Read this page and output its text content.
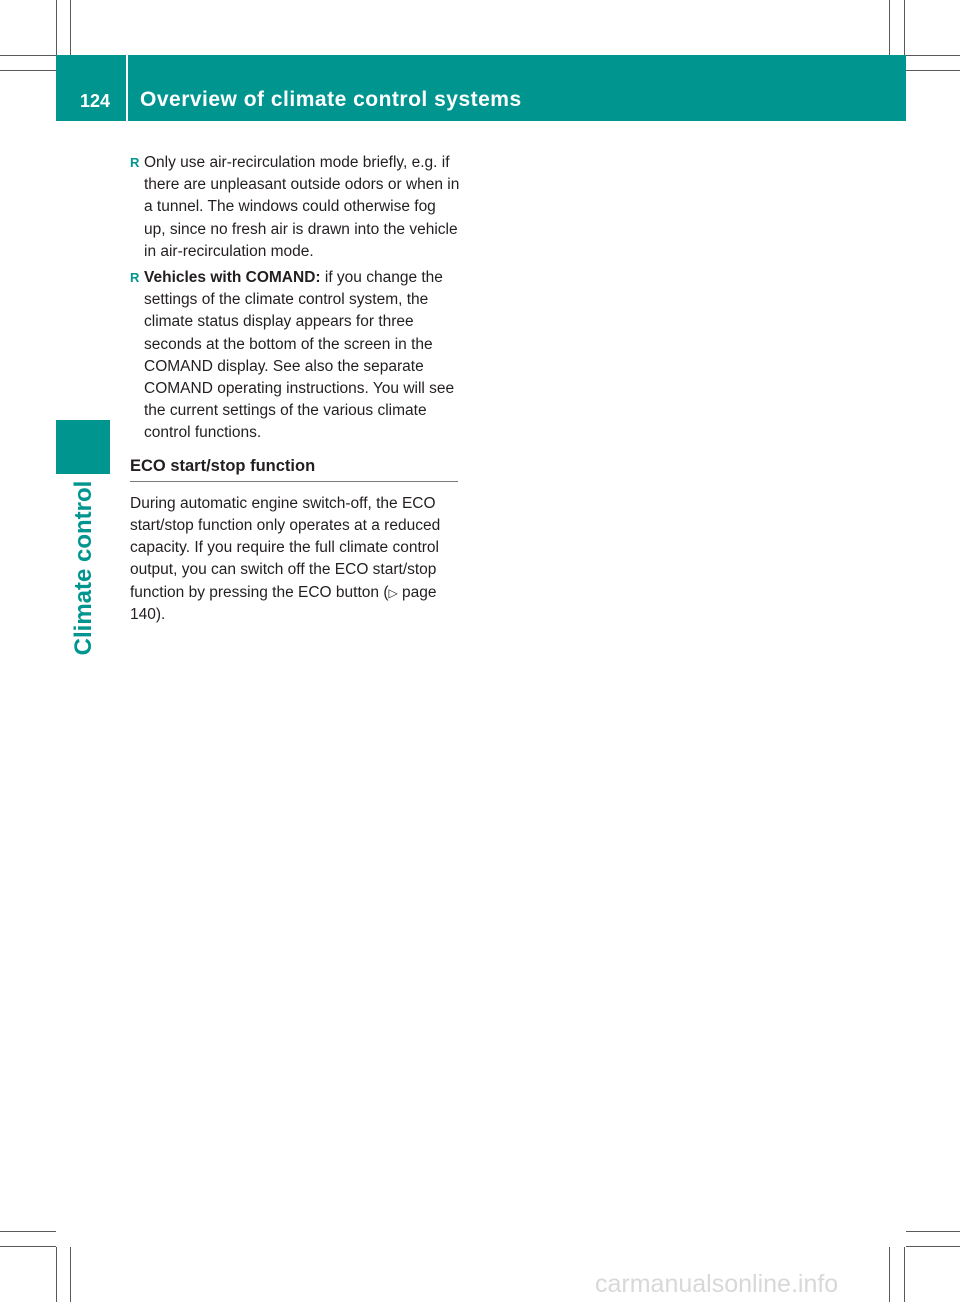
124 Overview of climate control systems
Climate control
R Only use air-recirculation mode briefly, e.g. if there are unpleasant outside odors or when in a tunnel. The windows could otherwise fog up, since no fresh air is drawn into the vehicle in air-recirculation mode.
R Vehicles with COMAND: if you change the settings of the climate control system, the climate status display appears for three seconds at the bottom of the screen in the COMAND display. See also the separate COMAND operating instructions. You will see the current settings of the various climate control functions.
ECO start/stop function
During automatic engine switch-off, the ECO start/stop function only operates at a reduced capacity. If you require the full climate control output, you can switch off the ECO start/stop function by pressing the ECO button (▷ page 140).
carmanualsonline.info
